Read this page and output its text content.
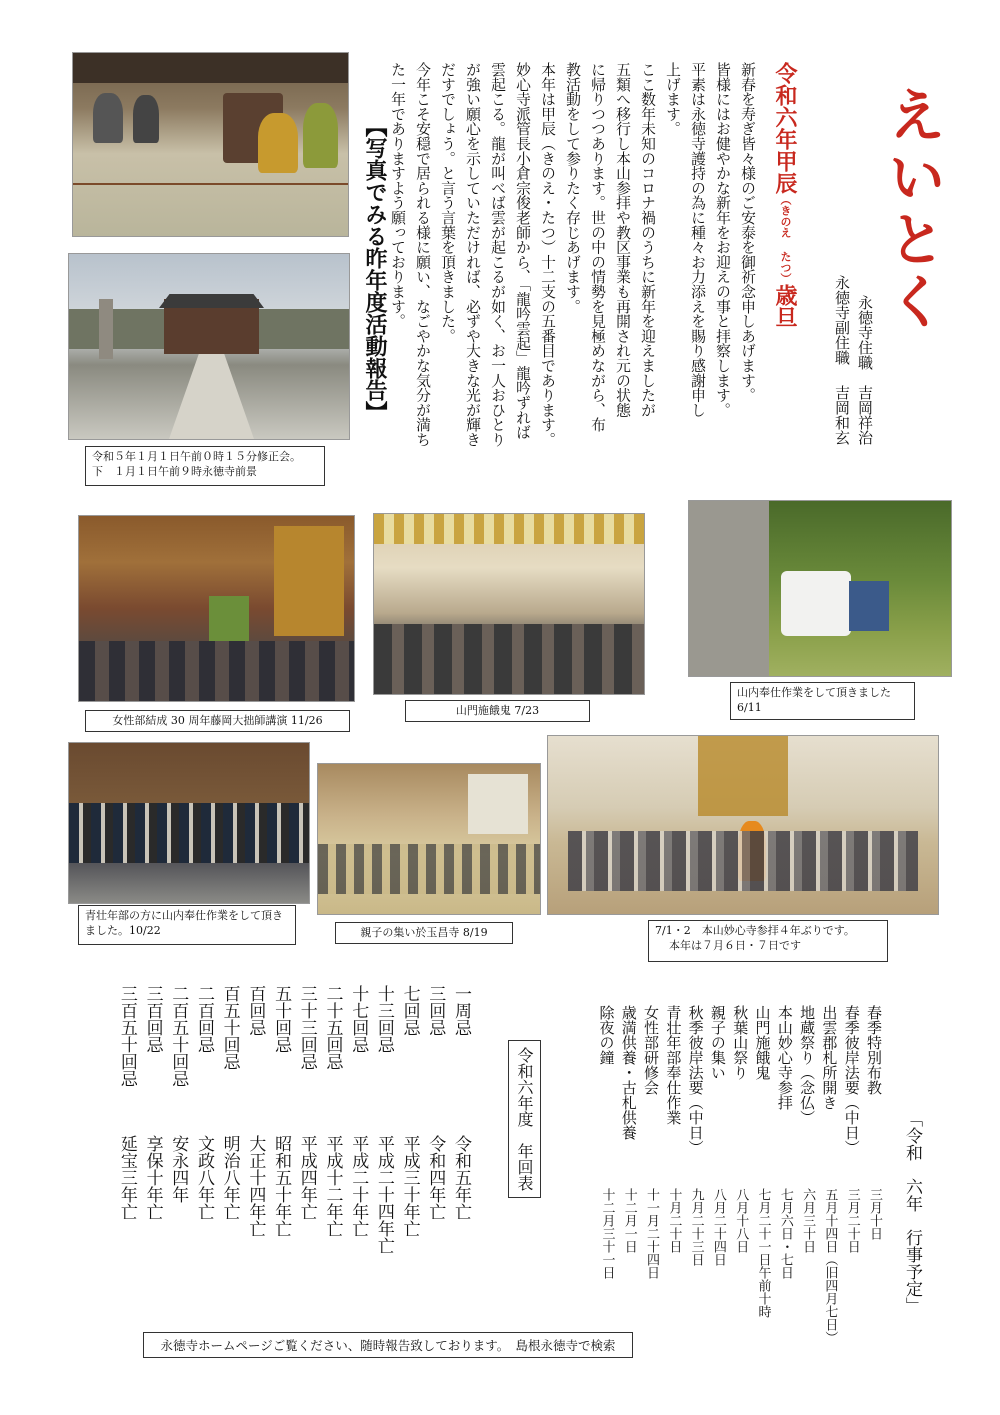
えいとく
永徳寺住職
永徳寺副住職
吉岡祥治
吉岡和玄
令和六年甲辰（きのえ たつ）歳旦
新春を寿ぎ皆々様のご安泰を御祈念申しあげます。
皆様にはお健やかな新年をお迎えの事と拝察します。
平素は永徳寺護持の為に種々お力添えを賜り感謝申し
上げます。
ここ数年未知のコロナ禍のうちに新年を迎えましたが
五類へ移行し本山参拝や教区事業も再開され元の状態
に帰りつつあります。世の中の情勢を見極めながら、布
教活動をして参りたく存じあげます。
本年は甲辰（きのえ・たつ）十二支の五番目であります。
妙心寺派管長小倉宗俊老師から、「龍吟雲起」龍吟ずれば
雲起こる。龍が叫べば雲が起こるが如く、お一人おひとり
が強い願心を示していただければ、必ずや大きな光が輝き
だすでしょう。と言う言葉を頂きました。
今年こそ安穏で居られる様に願い、なごやかな気分が満ち
た一年でありますよう願っております。
【写真でみる昨年度活動報告】
令和５年１月１日午前０時１５分修正会。
下　１月１日午前９時永徳寺前景
女性部結成 30 周年藤岡大拙師講演 11/26
山門施餓鬼 7/23
山内奉仕作業をして頂きました　6/11
青壮年部の方に山内奉仕作業をして頂きました。10/22	親子の集い於玉昌寺 8/19	7/1・2　本山妙心寺参拝４年ぶりです。
本年は７月６日・７日です
「令和　六年　行事予定」
春季特別布教
春季彼岸法要（中日）
出雲郡札所開き
地蔵祭り（念仏）
本山妙心寺参拝
山門施餓鬼
秋葉山祭り
親子の集い
秋季彼岸法要（中日）
青壮年部奉仕作業
女性部研修会
歳満供養・古札供養
除夜の鐘
三月十日
三月二十日
五月十四日（旧四月七日）
六月三十日
七月六日・七日
七月二十一日午前十時
八月十八日
八月二十四日
九月二十三日
十月二十日
十一月二十四日
十二月一日
十二月三十一日
令和六年度　年回表
一周忌
三回忌
七回忌
十三回忌
十七回忌
二十五回忌
三十三回忌
五十回忌
百回忌
百五十回忌
二百回忌
二百五十回忌
三百回忌
三百五十回忌
令和五年亡
令和四年亡
平成三十年亡
平成二十四年亡
平成二十年亡
平成十二年亡
平成四年亡
昭和五十年亡
大正十四年亡
明治八年亡
文政八年亡
安永四年
享保十年亡
延宝三年亡
永徳寺ホームページご覧ください、随時報告致しております。　島根永徳寺で検索
